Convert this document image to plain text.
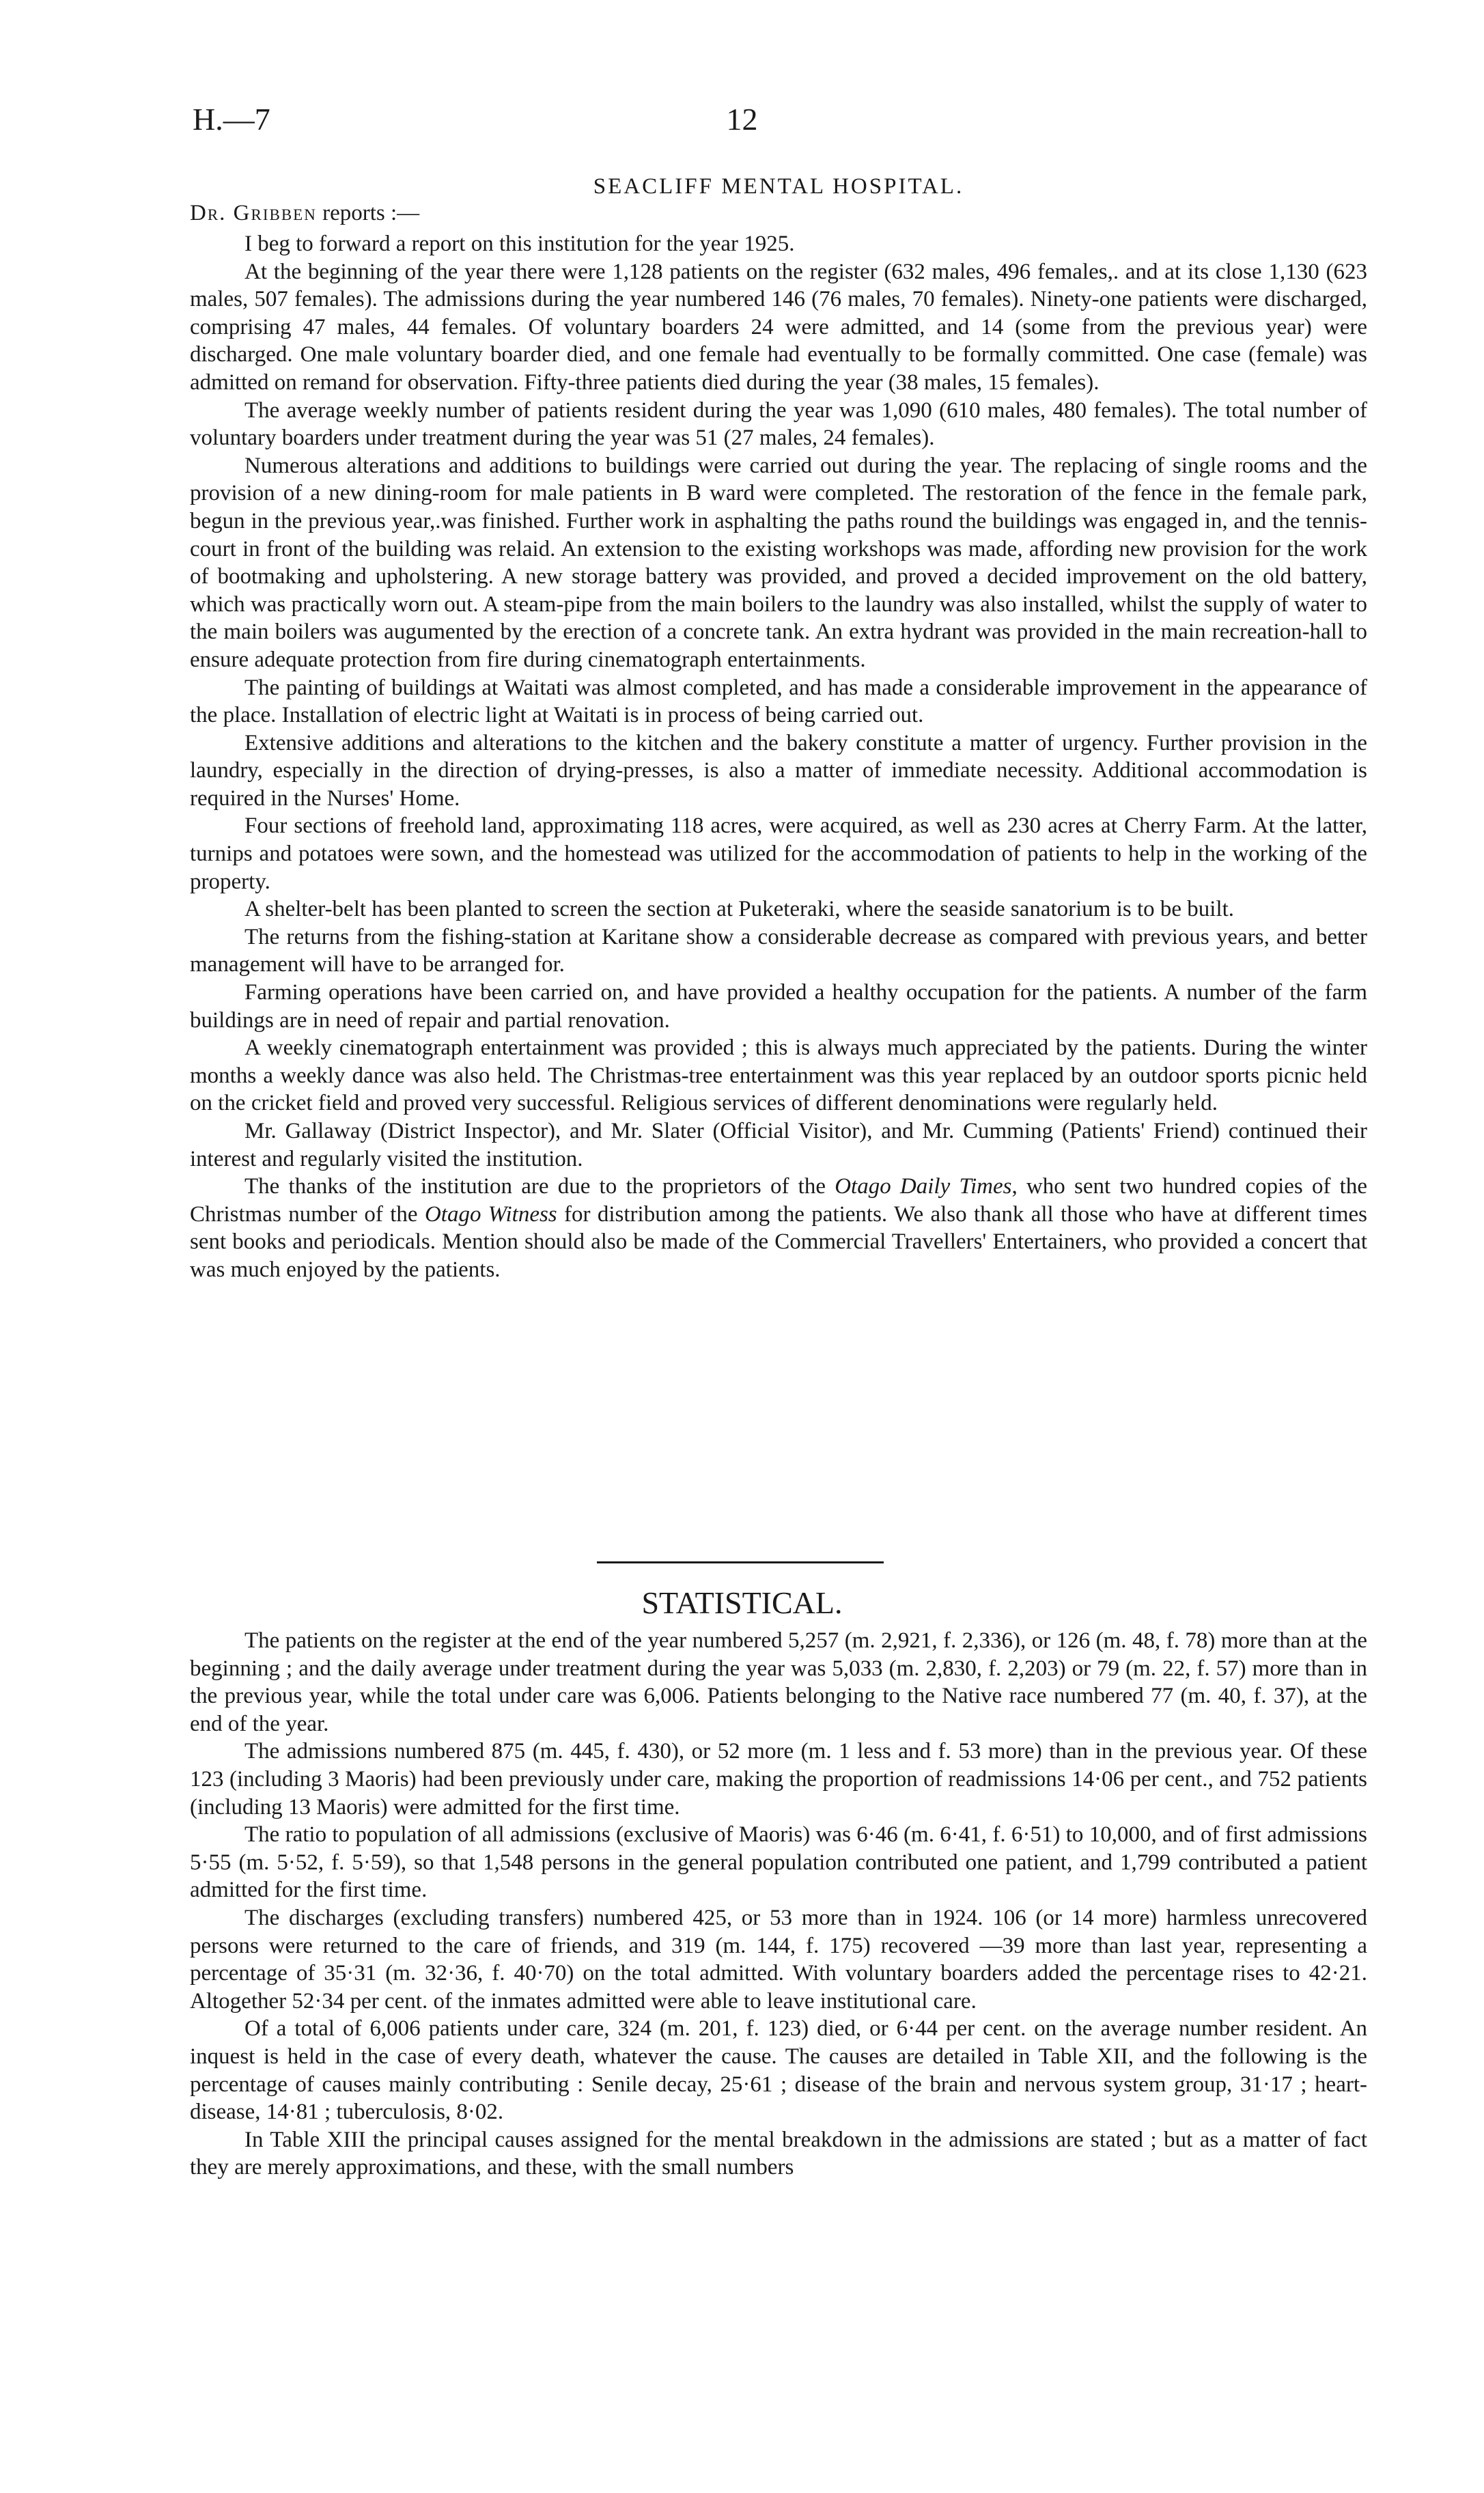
H.—7	12
SEACLIFF MENTAL HOSPITAL.
Dr. Gribben reports :—

I beg to forward a report on this institution for the year 1925.

At the beginning of the year there were 1,128 patients on the register (632 males, 496 females,. and at its close 1,130 (623 males, 507 females). The admissions during the year numbered 146 (76 males, 70 females). Ninety-one patients were discharged, comprising 47 males, 44 females. Of voluntary boarders 24 were admitted, and 14 (some from the previous year) were discharged. One male voluntary boarder died, and one female had eventually to be formally committed. One case (female) was admitted on remand for observation. Fifty-three patients died during the year (38 males, 15 females).

The average weekly number of patients resident during the year was 1,090 (610 males, 480 females). The total number of voluntary boarders under treatment during the year was 51 (27 males, 24 females).

Numerous alterations and additions to buildings were carried out during the year. The replacing of single rooms and the provision of a new dining-room for male patients in B ward were completed. The restoration of the fence in the female park, begun in the previous year,.was finished. Further work in asphalting the paths round the buildings was engaged in, and the tennis-court in front of the building was relaid. An extension to the existing workshops was made, affording new provision for the work of bootmaking and upholstering. A new storage battery was provided, and proved a decided improvement on the old battery, which was practically worn out. A steam-pipe from the main boilers to the laundry was also installed, whilst the supply of water to the main boilers was augumented by the erection of a concrete tank. An extra hydrant was provided in the main recreation-hall to ensure adequate protection from fire during cinematograph entertainments.

The painting of buildings at Waitati was almost completed, and has made a considerable improvement in the appearance of the place. Installation of electric light at Waitati is in process of being carried out.

Extensive additions and alterations to the kitchen and the bakery constitute a matter of urgency. Further provision in the laundry, especially in the direction of drying-presses, is also a matter of immediate necessity. Additional accommodation is required in the Nurses' Home.

Four sections of freehold land, approximating 118 acres, were acquired, as well as 230 acres at Cherry Farm. At the latter, turnips and potatoes were sown, and the homestead was utilized for the accommodation of patients to help in the working of the property.

A shelter-belt has been planted to screen the section at Puketeraki, where the seaside sanatorium is to be built.

The returns from the fishing-station at Karitane show a considerable decrease as compared with previous years, and better management will have to be arranged for.

Farming operations have been carried on, and have provided a healthy occupation for the patients. A number of the farm buildings are in need of repair and partial renovation.

A weekly cinematograph entertainment was provided ; this is always much appreciated by the patients. During the winter months a weekly dance was also held. The Christmas-tree entertainment was this year replaced by an outdoor sports picnic held on the cricket field and proved very successful. Religious services of different denominations were regularly held.

Mr. Gallaway (District Inspector), and Mr. Slater (Official Visitor), and Mr. Cumming (Patients' Friend) continued their interest and regularly visited the institution.

The thanks of the institution are due to the proprietors of the Otago Daily Times, who sent two hundred copies of the Christmas number of the Otago Witness for distribution among the patients. We also thank all those who have at different times sent books and periodicals. Mention should also be made of the Commercial Travellers' Entertainers, who provided a concert that was much enjoyed by the patients.

STATISTICAL.

The patients on the register at the end of the year numbered 5,257 (m. 2,921, f. 2,336), or 126 (m. 48, f. 78) more than at the beginning ; and the daily average under treatment during the year was 5,033 (m. 2,830, f. 2,203) or 79 (m. 22, f. 57) more than in the previous year, while the total under care was 6,006. Patients belonging to the Native race numbered 77 (m. 40, f. 37), at the end of the year.

The admissions numbered 875 (m. 445, f. 430), or 52 more (m. 1 less and f. 53 more) than in the previous year. Of these 123 (including 3 Maoris) had been previously under care, making the proportion of readmissions 14·06 per cent., and 752 patients (including 13 Maoris) were admitted for the first time.

The ratio to population of all admissions (exclusive of Maoris) was 6·46 (m. 6·41, f. 6·51) to 10,000, and of first admissions 5·55 (m. 5·52, f. 5·59), so that 1,548 persons in the general population contributed one patient, and 1,799 contributed a patient admitted for the first time.

The discharges (excluding transfers) numbered 425, or 53 more than in 1924. 106 (or 14 more) harmless unrecovered persons were returned to the care of friends, and 319 (m. 144, f. 175) recovered —39 more than last year, representing a percentage of 35·31 (m. 32·36, f. 40·70) on the total admitted. With voluntary boarders added the percentage rises to 42·21. Altogether 52·34 per cent. of the inmates admitted were able to leave institutional care.

Of a total of 6,006 patients under care, 324 (m. 201, f. 123) died, or 6·44 per cent. on the average number resident. An inquest is held in the case of every death, whatever the cause. The causes are detailed in Table XII, and the following is the percentage of causes mainly contributing : Senile decay, 25·61 ; disease of the brain and nervous system group, 31·17 ; heart-disease, 14·81 ; tuberculosis, 8·02.

In Table XIII the principal causes assigned for the mental breakdown in the admissions are stated ; but as a matter of fact they are merely approximations, and these, with the small numbers
